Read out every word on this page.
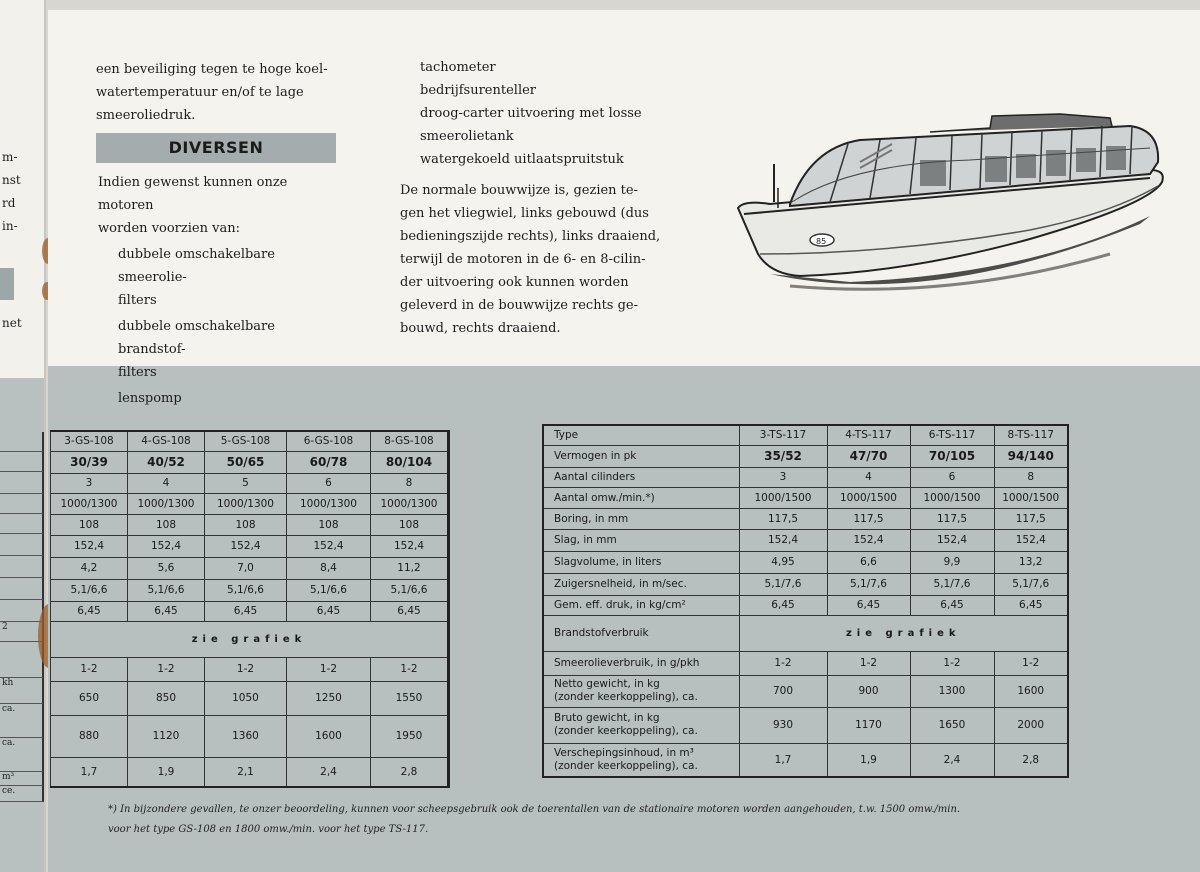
m-
nst
rd
in-
net
2
kh
ca.
ca.
m³
ce.
een beveiliging tegen te hoge koel-
watertemperatuur en/of te lage
smeeroliedruk.
DIVERSEN
Indien gewenst kunnen onze motoren
worden voorzien van:
dubbele omschakelbare smeerolie-
filters
dubbele omschakelbare brandstof-
filters
lenspomp
tachometer
bedrijfsurenteller
droog-carter uitvoering met losse
smeerolietank
watergekoeld uitlaatspruitstuk
De normale bouwwijze is, gezien te-
gen het vliegwiel, links gebouwd (dus
bedieningszijde rechts), links draaiend,
terwijl de motoren in de 6- en 8-cilin-
der uitvoering ook kunnen worden
geleverd in de bouwwijze rechts ge-
bouwd, rechts draaiend.
85
3-GS-108	4-GS-108	5-GS-108	6-GS-108	8-GS-108
30/39	40/52	50/65	60/78	80/104
3	4	5	6	8
1000/1300	1000/1300	1000/1300	1000/1300	1000/1300
108	108	108	108	108
152,4	152,4	152,4	152,4	152,4
4,2	5,6	7,0	8,4	11,2
5,1/6,6	5,1/6,6	5,1/6,6	5,1/6,6	5,1/6,6
6,45	6,45	6,45	6,45	6,45
zie grafiek				
1-2	1-2	1-2	1-2	1-2
650	850	1050	1250	1550
880	1120	1360	1600	1950
1,7	1,9	2,1	2,4	2,8
Type	3-TS-117	4-TS-117	6-TS-117	8-TS-117
Vermogen in pk	35/52	47/70	70/105	94/140
Aantal cilinders	3	4	6	8
Aantal omw./min.*)	1000/1500	1000/1500	1000/1500	1000/1500
Boring, in mm	117,5	117,5	117,5	117,5
Slag, in mm	152,4	152,4	152,4	152,4
Slagvolume, in liters	4,95	6,6	9,9	13,2
Zuigersnelheid, in m/sec.	5,1/7,6	5,1/7,6	5,1/7,6	5,1/7,6
Gem. eff. druk, in kg/cm²	6,45	6,45	6,45	6,45
Brandstofverbruik	zie grafiek			
Smeerolieverbruik, in g/pkh	1-2	1-2	1-2	1-2

Netto gewicht, in kg
(zonder keerkoppeling), ca.	700	900	1300	1600

Bruto gewicht, in kg
(zonder keerkoppeling), ca.	930	1170	1650	2000

Verschepingsinhoud, in m³
(zonder keerkoppeling), ca.	1,7	1,9	2,4	2,8
*) In bijzondere gevallen, te onzer beoordeling, kunnen voor scheepsgebruik ook de toerentallen van de stationaire motoren worden aangehouden, t.w. 1500 omw./min.
voor het type GS-108 en 1800 omw./min. voor het type TS-117.
